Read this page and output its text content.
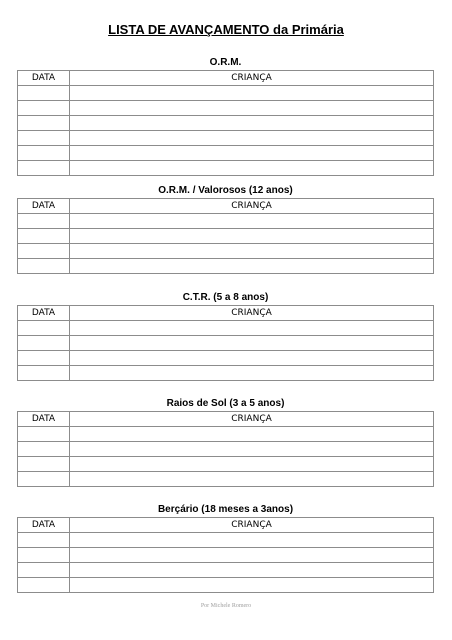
LISTA DE AVANÇAMENTO da Primária
O.R.M.
DATA	CRIANÇA

O.R.M. / Valorosos (12 anos)
DATA	CRIANÇA

C.T.R. (5 a 8 anos)
DATA	CRIANÇA

Raios de Sol (3 a 5 anos)
DATA	CRIANÇA

Berçário (18 meses a 3anos)
DATA	CRIANÇA

Por Michele Romero
